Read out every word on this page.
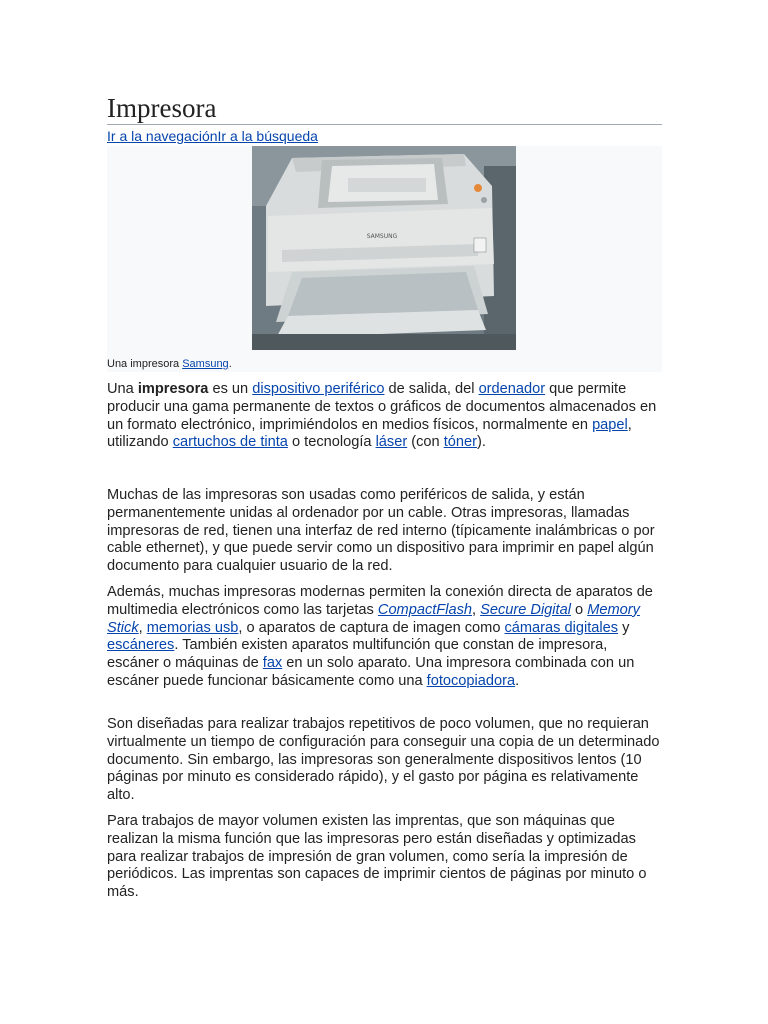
Impresora
Ir a la navegaciónIr a la búsqueda
SAMSUNG
Una impresora Samsung.
Una impresora es un dispositivo periférico de salida, del ordenador que permite producir una gama permanente de textos o gráficos de documentos almacenados en un formato electrónico, imprimiéndolos en medios físicos, normalmente en papel, utilizando cartuchos de tinta o tecnología láser (con tóner).
Muchas de las impresoras son usadas como periféricos de salida, y están permanentemente unidas al ordenador por un cable. Otras impresoras, llamadas impresoras de red, tienen una interfaz de red interno (típicamente inalámbricas o por cable ethernet), y que puede servir como un dispositivo para imprimir en papel algún documento para cualquier usuario de la red.
Además, muchas impresoras modernas permiten la conexión directa de aparatos de multimedia electrónicos como las tarjetas CompactFlash, Secure Digital o Memory Stick, memorias usb, o aparatos de captura de imagen como cámaras digitales y escáneres. También existen aparatos multifunción que constan de impresora, escáner o máquinas de fax en un solo aparato. Una impresora combinada con un escáner puede funcionar básicamente como una fotocopiadora.
Son diseñadas para realizar trabajos repetitivos de poco volumen, que no requieran virtualmente un tiempo de configuración para conseguir una copia de un determinado documento. Sin embargo, las impresoras son generalmente dispositivos lentos (10 páginas por minuto es considerado rápido), y el gasto por página es relativamente alto.
Para trabajos de mayor volumen existen las imprentas, que son máquinas que realizan la misma función que las impresoras pero están diseñadas y optimizadas para realizar trabajos de impresión de gran volumen, como sería la impresión de periódicos. Las imprentas son capaces de imprimir cientos de páginas por minuto o más.
